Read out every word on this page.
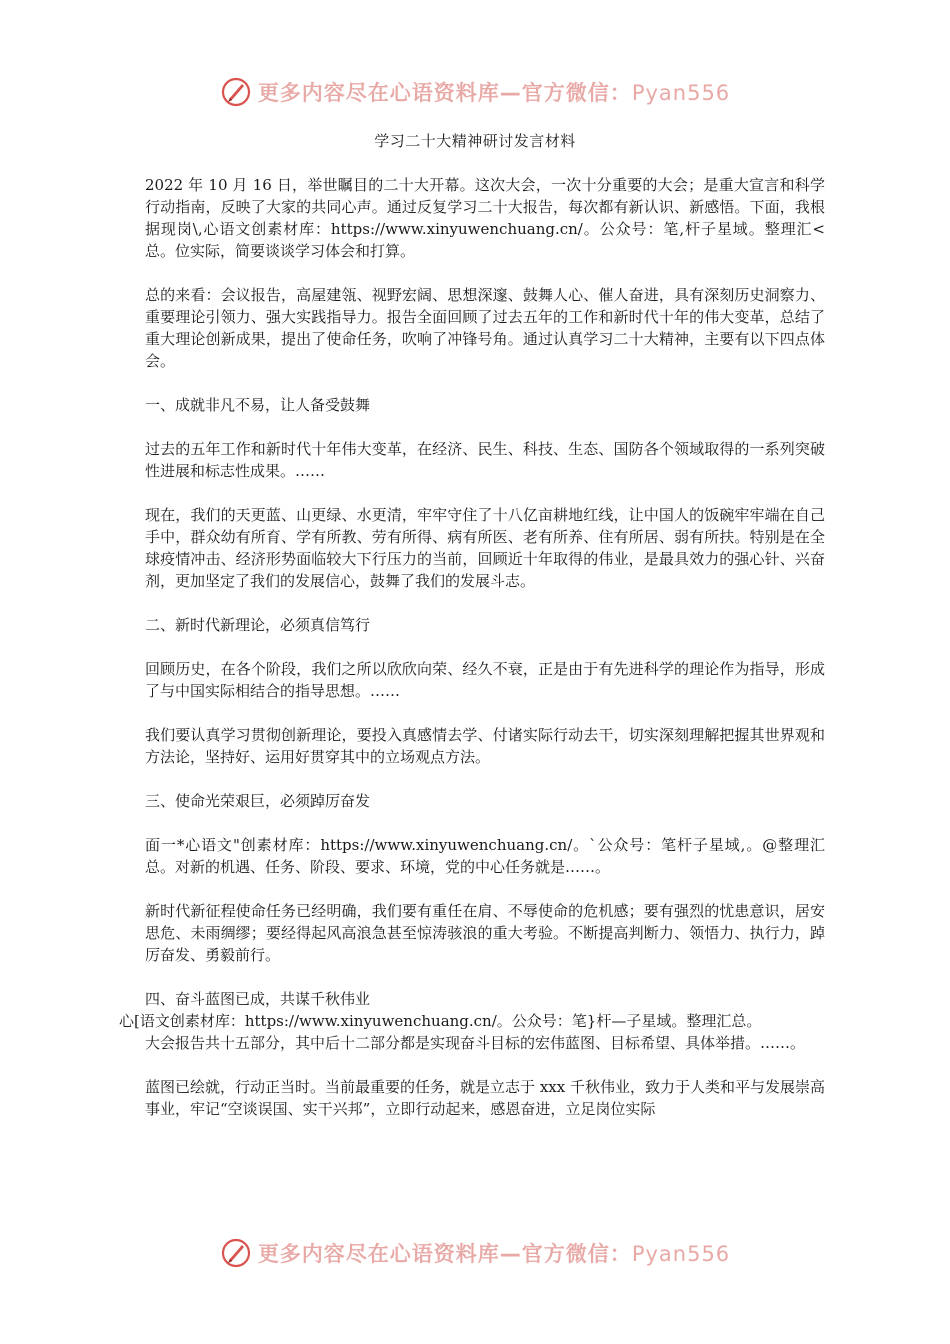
更多内容尽在心语资料库—官方微信：Pyan556
学习二十大精神研讨发言材料

2022 年 10 月 16 日，举世瞩目的二十大开幕。这次大会，一次十分重要的大会；是重大宣言和科学行动指南，反映了大家的共同心声。通过反复学习二十大报告，每次都有新认识、新感悟。下面，我根据现岗\,心语文创素材库：https://www.xinyuwenchuang.cn/。公众号：笔,杆子星域。整理汇<总。位实际，简要谈谈学习体会和打算。

总的来看：会议报告，高屋建瓴、视野宏阔、思想深邃、鼓舞人心、催人奋进，具有深刻历史洞察力、重要理论引领力、强大实践指导力。报告全面回顾了过去五年的工作和新时代十年的伟大变革，总结了重大理论创新成果，提出了使命任务，吹响了冲锋号角。通过认真学习二十大精神，主要有以下四点体会。

一、成就非凡不易，让人备受鼓舞

过去的五年工作和新时代十年伟大变革，在经济、民生、科技、生态、国防各个领域取得的一系列突破性进展和标志性成果。……

现在，我们的天更蓝、山更绿、水更清，牢牢守住了十八亿亩耕地红线，让中国人的饭碗牢牢端在自己手中，群众幼有所育、学有所教、劳有所得、病有所医、老有所养、住有所居、弱有所扶。特别是在全球疫情冲击、经济形势面临较大下行压力的当前，回顾近十年取得的伟业，是最具效力的强心针、兴奋剂，更加坚定了我们的发展信心，鼓舞了我们的发展斗志。

二、新时代新理论，必须真信笃行

回顾历史，在各个阶段，我们之所以欣欣向荣、经久不衰，正是由于有先进科学的理论作为指导，形成了与中国实际相结合的指导思想。……

我们要认真学习贯彻创新理论，要投入真感情去学、付诸实际行动去干，切实深刻理解把握其世界观和方法论，坚持好、运用好贯穿其中的立场观点方法。

三、使命光荣艰巨，必须踔厉奋发

面一*心语文"创素材库：https://www.xinyuwenchuang.cn/。`公众号：笔杆子星域,。@整理汇总。对新的机遇、任务、阶段、要求、环境，党的中心任务就是……。

新时代新征程使命任务已经明确，我们要有重任在肩、不辱使命的危机感；要有强烈的忧患意识，居安思危、未雨绸缪；要经得起风高浪急甚至惊涛骇浪的重大考验。不断提高判断力、领悟力、执行力，踔厉奋发、勇毅前行。

四、奋斗蓝图已成，共谋千秋伟业

心[语文创素材库：https://www.xinyuwenchuang.cn/。公众号：笔}杆—子星域。整理汇总。

大会报告共十五部分，其中后十二部分都是实现奋斗目标的宏伟蓝图、目标希望、具体举措。……。

蓝图已绘就，行动正当时。当前最重要的任务，就是立志于 xxx 千秋伟业，致力于人类和平与发展崇高事业，牢记“空谈误国、实干兴邦”，立即行动起来，感恩奋进，立足岗位实际

更多内容尽在心语资料库—官方微信：Pyan556
